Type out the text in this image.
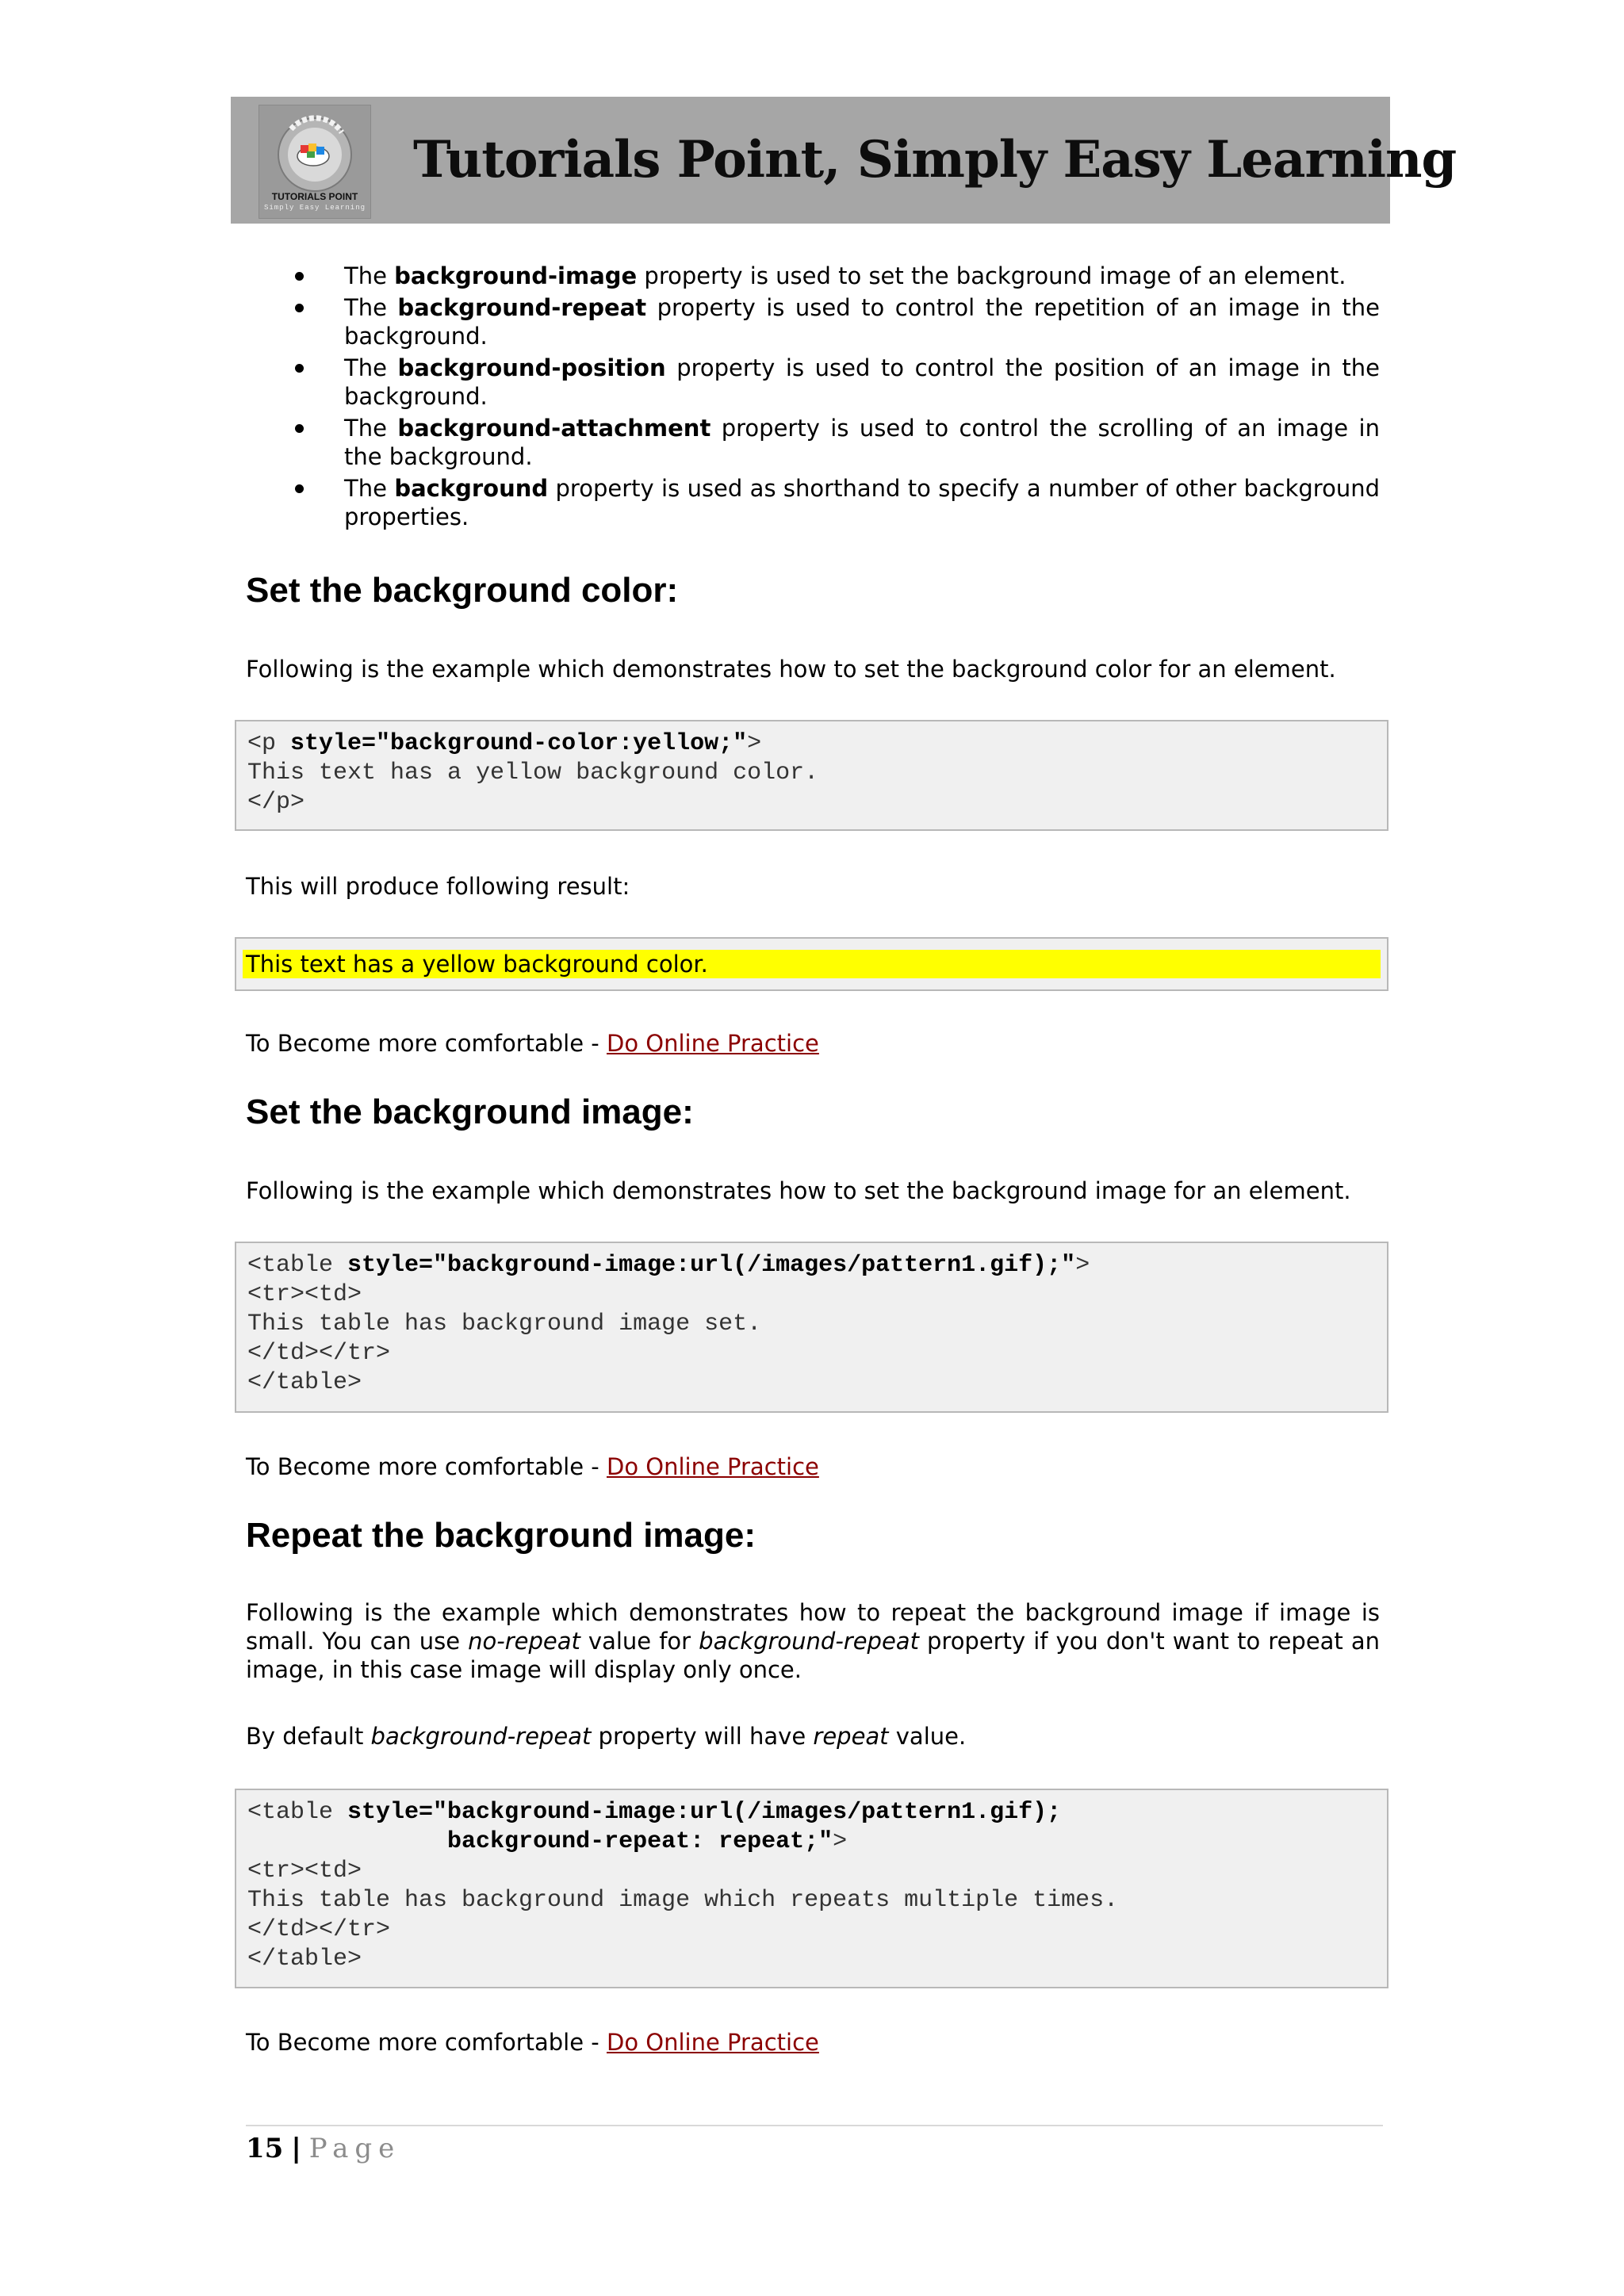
TUTORIALS POINT
Simply Easy Learning
Tutorials Point, Simply Easy Learning
The background-image property is used to set the background image of an element.
The background-repeat property is used to control the repetition of an image in the background.
The background-position property is used to control the position of an image in the background.
The background-attachment property is used to control the scrolling of an image in the background.
The background property is used as shorthand to specify a number of other background properties.
Set the background color:
Following is the example which demonstrates how to set the background color for an element.
<p style="background-color:yellow;">
This text has a yellow background color.
</p>
This will produce following result:
This text has a yellow background color.
To Become more comfortable - Do Online Practice
Set the background image:
Following is the example which demonstrates how to set the background image for an element.
<table style="background-image:url(/images/pattern1.gif);">
<tr><td>
This table has background image set.
</td></tr>
</table>
To Become more comfortable - Do Online Practice
Repeat the background image:
Following is the example which demonstrates how to repeat the background image if image is small. You can use no-repeat value for background-repeat property if you don't want to repeat an image, in this case image will display only once.
By default background-repeat property will have repeat value.
<table style="background-image:url(/images/pattern1.gif);
background-repeat: repeat;">
<tr><td>
This table has background image which repeats multiple times.
</td></tr>
</table>
To Become more comfortable - Do Online Practice
15 | Page
